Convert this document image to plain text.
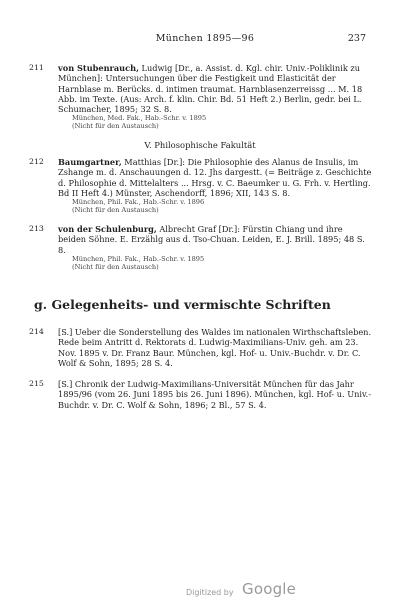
München 1895—96	237
211 von Stubenrauch, Ludwig [Dr., a. Assist. d. Kgl. chir. Univ.-Poliklinik zu München]: Untersuchungen über die Festigkeit und Elasticität der Harnblase m. Berücks. d. intimen traumat. Harnblasenzerreissg ... M. 18 Abb. im Texte. (Aus: Arch. f. klin. Chir. Bd. 51 Heft 2.) Berlin, gedr. bei L. Schumacher, 1895; 32 S. 8.
München, Med. Fak., Hab.-Schr. v. 1895
(Nicht für den Austausch)
V. Philosophische Fakultät
212 Baumgartner, Matthias [Dr.]: Die Philosophie des Alanus de Insulis, im Zshange m. d. Anschauungen d. 12. Jhs dargestt. (= Beiträge z. Geschichte d. Philosophie d. Mittelalters ... Hrsg. v. C. Baeumker u. G. Frh. v. Hertling. Bd II Heft 4.) Münster, Aschendorff, 1896; XII, 143 S. 8.
München, Phil. Fak., Hab.-Schr. v. 1896
(Nicht für den Austausch)
213 von der Schulenburg, Albrecht Graf [Dr.]: Fürstin Chiang und ihre beiden Söhne. E. Erzählg aus d. Tso-Chuan. Leiden, E. J. Brill. 1895; 48 S. 8.
München, Phil. Fak., Hab.-Schr. v. 1895
(Nicht für den Austausch)
g. Gelegenheits- und vermischte Schriften
214 [S.] Ueber die Sonderstellung des Waldes im nationalen Wirthschaftsleben. Rede beim Antritt d. Rektorats d. Ludwig-Maximilians-Univ. geh. am 23. Nov. 1895 v. Dr. Franz Baur. München, kgl. Hof- u. Univ.-Buchdr. v. Dr. C. Wolf & Sohn, 1895; 28 S. 4.
215 [S.] Chronik der Ludwig-Maximilians-Universität München für das Jahr 1895/96 (vom 26. Juni 1895 bis 26. Juni 1896). München, kgl. Hof- u. Univ.-Buchdr. v. Dr. C. Wolf & Sohn, 1896; 2 Bl., 57 S. 4.
Digitized by Google
